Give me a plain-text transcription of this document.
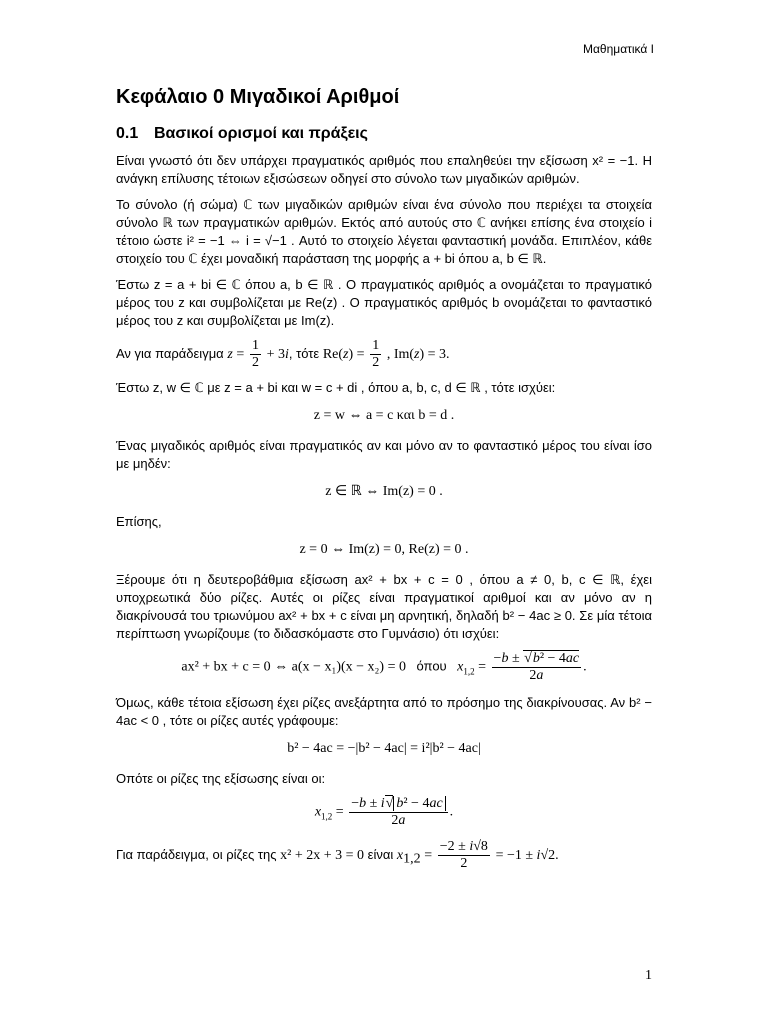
Μαθηματικά Ι
Κεφάλαιο 0 Μιγαδικοί Αριθμοί
0.1 Βασικοί ορισμοί και πράξεις

Είναι γνωστό ότι δεν υπάρχει πραγματικός αριθμός που επαληθεύει την εξίσωση x² = −1. Η ανάγκη επίλυσης τέτοιων εξισώσεων οδηγεί στο σύνολο των μιγαδικών αριθμών.

Το σύνολο (ή σώμα) ℂ των μιγαδικών αριθμών είναι ένα σύνολο που περιέχει τα στοιχεία σύνολο ℝ των πραγματικών αριθμών. Εκτός από αυτούς στο ℂ ανήκει επίσης ένα στοιχείο i τέτοιο ώστε i² = −1 ⇔ i = √−1 . Αυτό το στοιχείο λέγεται φανταστική μονάδα. Επιπλέον, κάθε στοιχείο του ℂ έχει μοναδική παράσταση της μορφής a + bi όπου a, b ∈ ℝ.

Έστω z = a + bi ∈ ℂ όπου a, b ∈ ℝ . Ο πραγματικός αριθμός a ονομάζεται το πραγματικό μέρος του z και συμβολίζεται με Re(z) . Ο πραγματικός αριθμός b ονομάζεται το φανταστικό μέρος του z και συμβολίζεται με Im(z).

Αν για παράδειγμα $z = \frac{1}{2} + 3i$, τότε $Re(z) = \frac{1}{2}$ , Im(z) = 3.

Έστω z, w ∈ ℂ με z = a + bi και w = c + di , όπου a, b, c, d ∈ ℝ , τότε ισχύει:

z = w ⇔ a = c και b = d .

Ένας μιγαδικός αριθμός είναι πραγματικός αν και μόνο αν το φανταστικό μέρος του είναι ίσο με μηδέν:

z ∈ ℝ ⇔ Im(z) = 0 .

Επίσης,

z = 0 ⇔ Im(z) = 0, Re(z) = 0 .

Ξέρουμε ότι η δευτεροβάθμια εξίσωση ax² + bx + c = 0 , όπου a ≠ 0, b, c ∈ ℝ, έχει υποχρεωτικά δύο ρίζες. Αυτές οι ρίζες είναι πραγματικοί αριθμοί και αν μόνο αν η διακρίνουσά του τριωνύμου ax² + bx + c είναι μη αρνητική, δηλαδή b² − 4ac ≥ 0. Σε μία τέτοια περίπτωση γνωρίζουμε (το διδασκόμαστε στο Γυμνάσιο) ότι ισχύει:

ax² + bx + c = 0 ⇔ a(x − x₁)(x − x₂) = 0 όπου $x_{1,2} = \frac{\text{−b ± √b² − 4ac}}{2a}$ .

Όμως, κάθε τέτοια εξίσωση έχει ρίζες ανεξάρτητα από το πρόσημο της διακρίνουσας. Αν b² − 4ac < 0 , τότε οι ρίζες αυτές γράφουμε:

b² − 4ac = −|b² − 4ac| = i²|b² − 4ac|

Οπότε οι ρίζες της εξίσωσης είναι οι:

$x_{1,2} = \frac{\text{−b ± i√ b² − 4ac}}{2a}$ .
Για παράδειγμα, οι ρίζες της x² + 2x + 3 = 0 είναι $x_{1,2} = \frac{-2 \pm i√8}{2} = -1 \pm i√2$.
1
